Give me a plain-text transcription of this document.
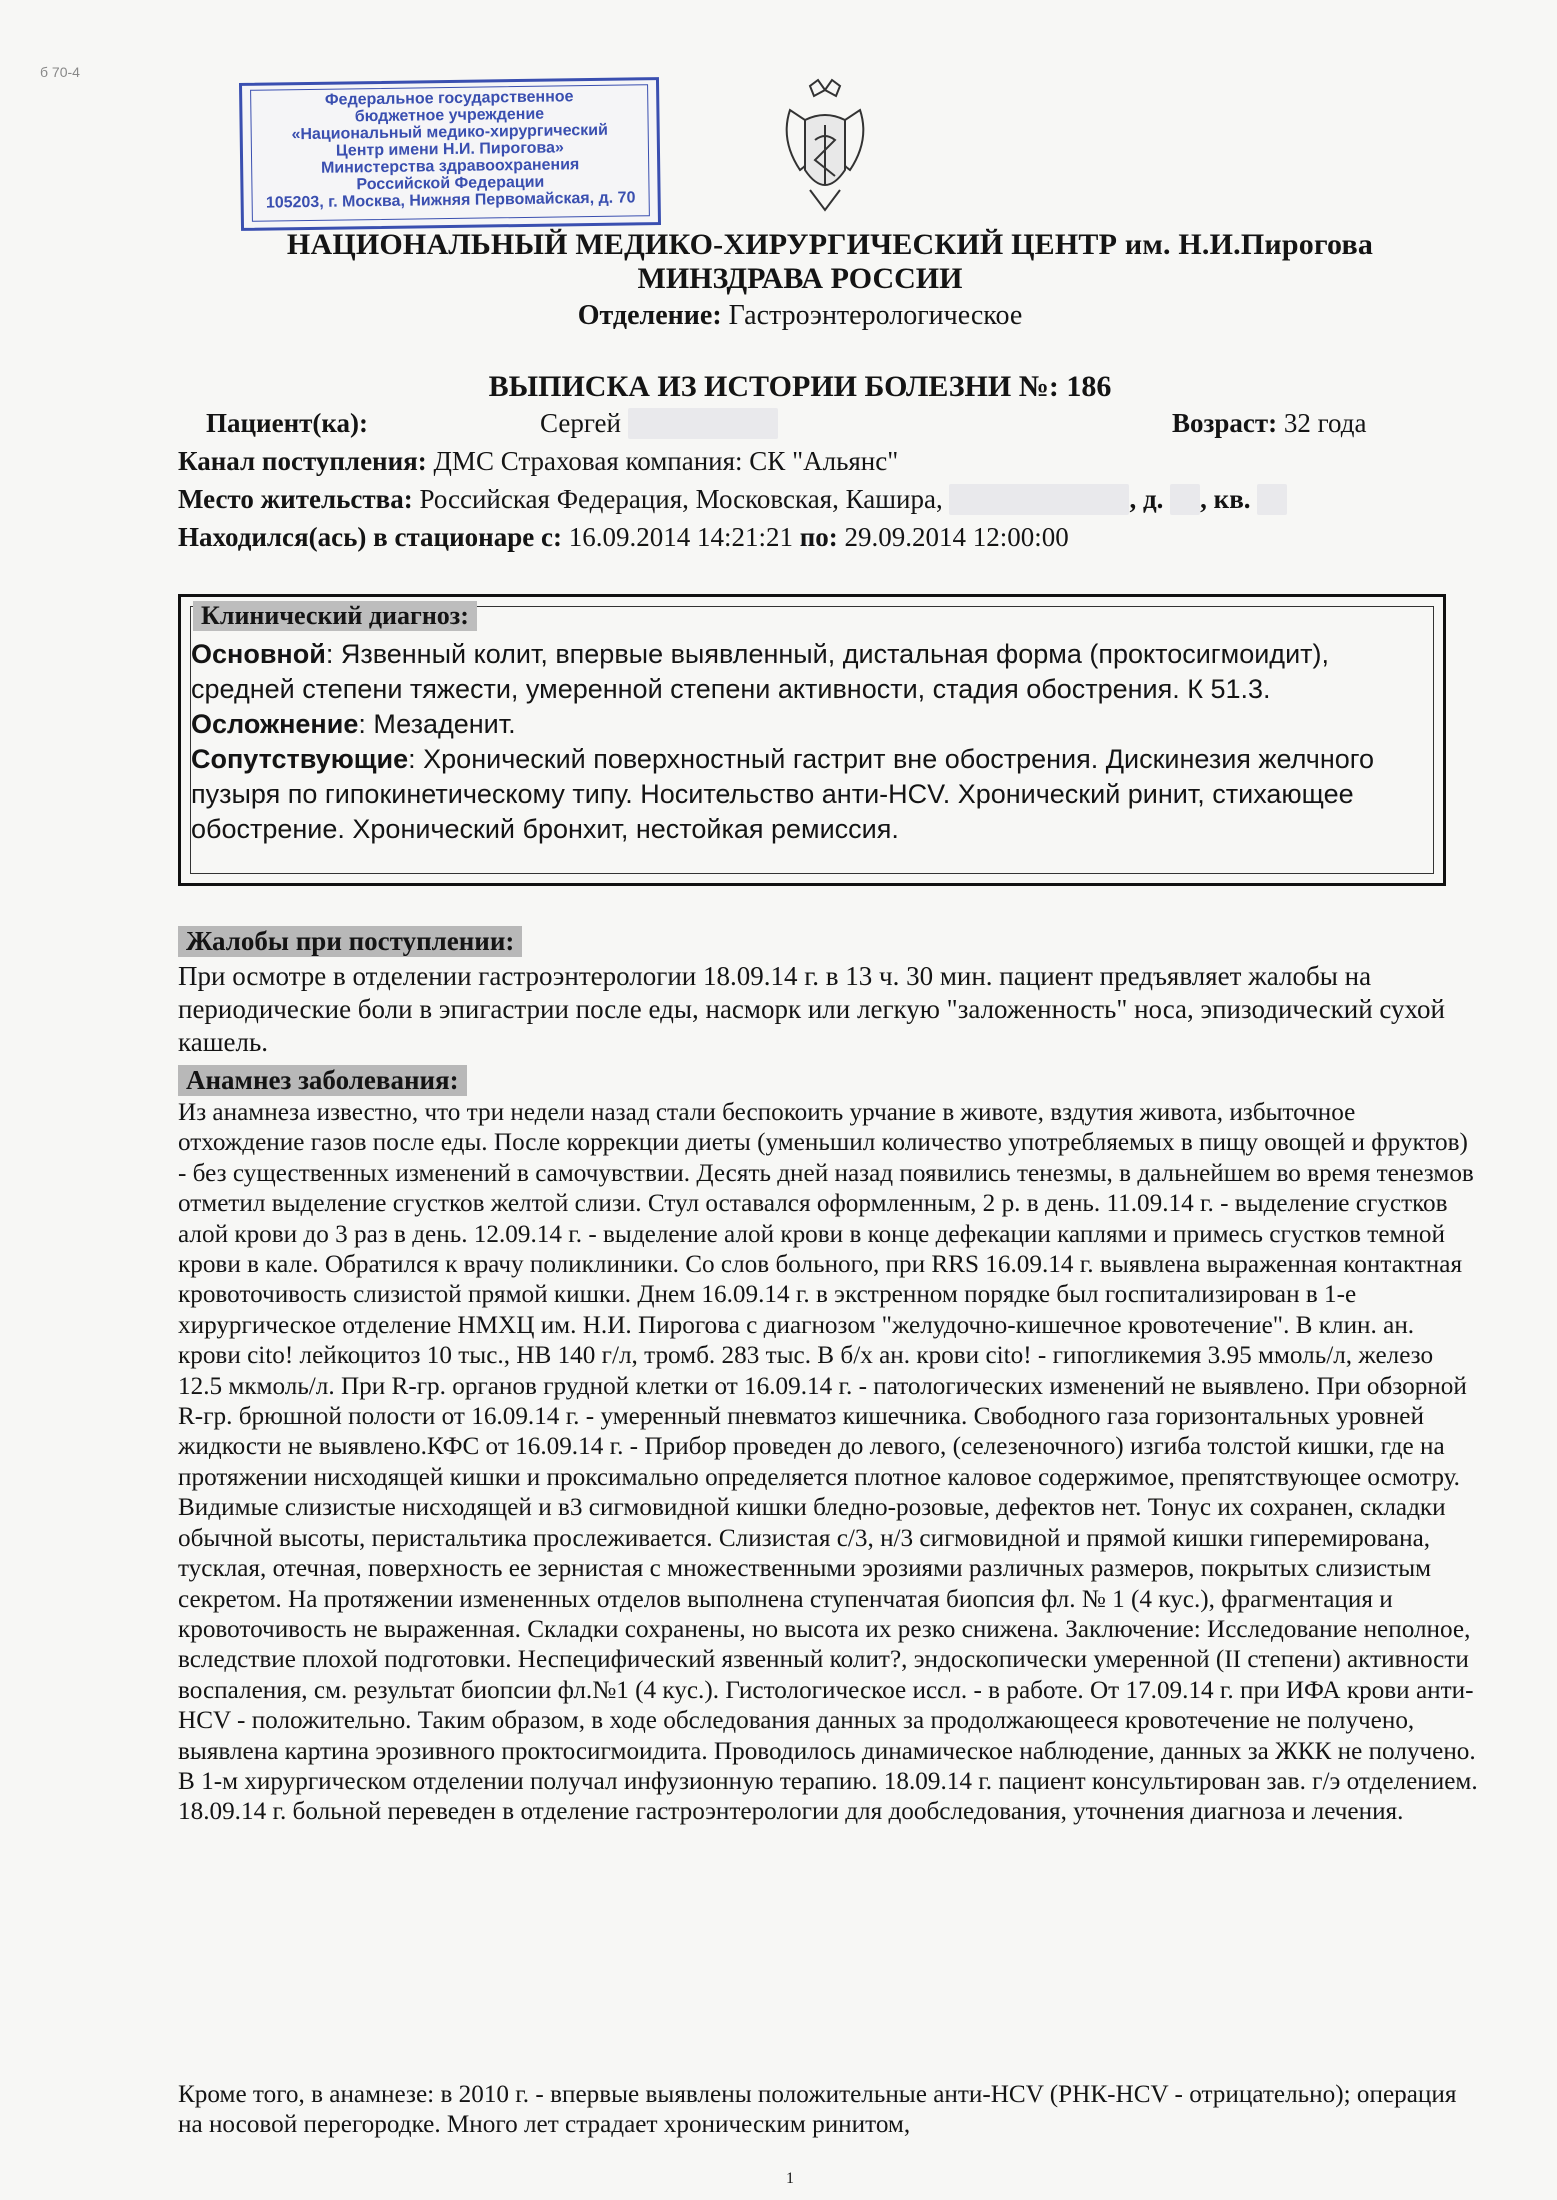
б 70-4
Федеральное государственное
бюджетное учреждение
«Национальный медико-хирургический
Центр имени Н.И. Пирогова»
Министерства здравоохранения
Российской Федерации
105203, г. Москва, Нижняя Первомайская, д. 70
НАЦИОНАЛЬНЫЙ МЕДИКО-ХИРУРГИЧЕСКИЙ ЦЕНТР им. Н.И.Пирогова
МИНЗДРАВА РОССИИ
Отделение: Гастроэнтерологическое
ВЫПИСКА ИЗ ИСТОРИИ БОЛЕЗНИ №: 186
Пациент(ка):	Сергей	Возраст: 32 года
Канал поступления: ДМС Страховая компания: СК "Альянс"
Место жительства: Российская Федерация, Московская, Кашира,	, д. , кв.
Находился(ась) в стационаре с: 16.09.2014 14:21:21 по: 29.09.2014 12:00:00
Клинический диагноз:

Основной: Язвенный колит, впервые выявленный, дистальная форма (проктосигмоидит), средней степени тяжести, умеренной степени активности, стадия обострения. К 51.3.

Осложнение: Мезаденит.

Сопутствующие: Хронический поверхностный гастрит вне обострения. Дискинезия желчного пузыря по гипокинетическому типу. Носительство анти-HCV. Хронический ринит, стихающее обострение. Хронический бронхит, нестойкая ремиссия.

Жалобы при поступлении:

При осмотре в отделении гастроэнтерологии 18.09.14 г. в 13 ч. 30 мин. пациент предъявляет жалобы на периодические боли в эпигастрии после еды, насморк или легкую "заложенность" носа, эпизодический сухой кашель.

Анамнез заболевания:

Из анамнеза известно, что три недели назад стали беспокоить урчание в животе, вздутия живота, избыточное отхождение газов после еды. После коррекции диеты (уменьшил количество употребляемых в пищу овощей и фруктов) - без существенных изменений в самочувствии. Десять дней назад появились тенезмы, в дальнейшем во время тенезмов отметил выделение сгустков желтой слизи. Стул оставался оформленным, 2 р. в день. 11.09.14 г. - выделение сгустков алой крови до 3 раз в день. 12.09.14 г. - выделение алой крови в конце дефекации каплями и примесь сгустков темной крови в кале. Обратился к врачу поликлиники. Со слов больного, при RRS 16.09.14 г. выявлена выраженная контактная кровоточивость слизистой прямой кишки. Днем 16.09.14 г. в экстренном порядке был госпитализирован в 1-е хирургическое отделение НМХЦ им. Н.И. Пирогова с диагнозом "желудочно-кишечное кровотечение". В клин. ан. крови cito! лейкоцитоз 10 тыс., НВ 140 г/л, тромб. 283 тыс. В б/х ан. крови cito! - гипогликемия 3.95 ммоль/л, железо 12.5 мкмоль/л. При R-гр. органов грудной клетки от 16.09.14 г. - патологических изменений не выявлено. При обзорной R-гр. брюшной полости от 16.09.14 г. - умеренный пневматоз кишечника. Свободного газа горизонтальных уровней жидкости не выявлено.КФС от 16.09.14 г. - Прибор проведен до левого, (селезеночного) изгиба толстой кишки, где на протяжении нисходящей кишки и проксимально определяется плотное каловое содержимое, препятствующее осмотру. Видимые слизистые нисходящей и в3 сигмовидной кишки бледно-розовые, дефектов нет. Тонус их сохранен, складки обычной высоты, перистальтика прослеживается. Слизистая с/3, н/3 сигмовидной и прямой кишки гиперемирована, тусклая, отечная, поверхность ее зернистая с множественными эрозиями различных размеров, покрытых слизистым секретом. На протяжении измененных отделов выполнена ступенчатая биопсия фл. № 1 (4 кус.), фрагментация и кровоточивость не выраженная. Складки сохранены, но высота их резко снижена. Заключение: Исследование неполное, вследствие плохой подготовки. Неспецифический язвенный колит?, эндоскопически умеренной (II степени) активности воспаления, см. результат биопсии фл.№1 (4 кус.). Гистологическое иссл. - в работе. От 17.09.14 г. при ИФА крови анти-HCV - положительно. Таким образом, в ходе обследования данных за продолжающееся кровотечение не получено, выявлена картина эрозивного проктосигмоидита. Проводилось динамическое наблюдение, данных за ЖКК не получено. В 1-м хирургическом отделении получал инфузионную терапию. 18.09.14 г. пациент консультирован зав. г/э отделением. 18.09.14 г. больной переведен в отделение гастроэнтерологии для дообследования, уточнения диагноза и лечения.

Кроме того, в анамнезе: в 2010 г. - впервые выявлены положительные анти-HCV (РНК-HCV - отрицательно); операция на носовой перегородке. Много лет страдает хроническим ринитом,

1
